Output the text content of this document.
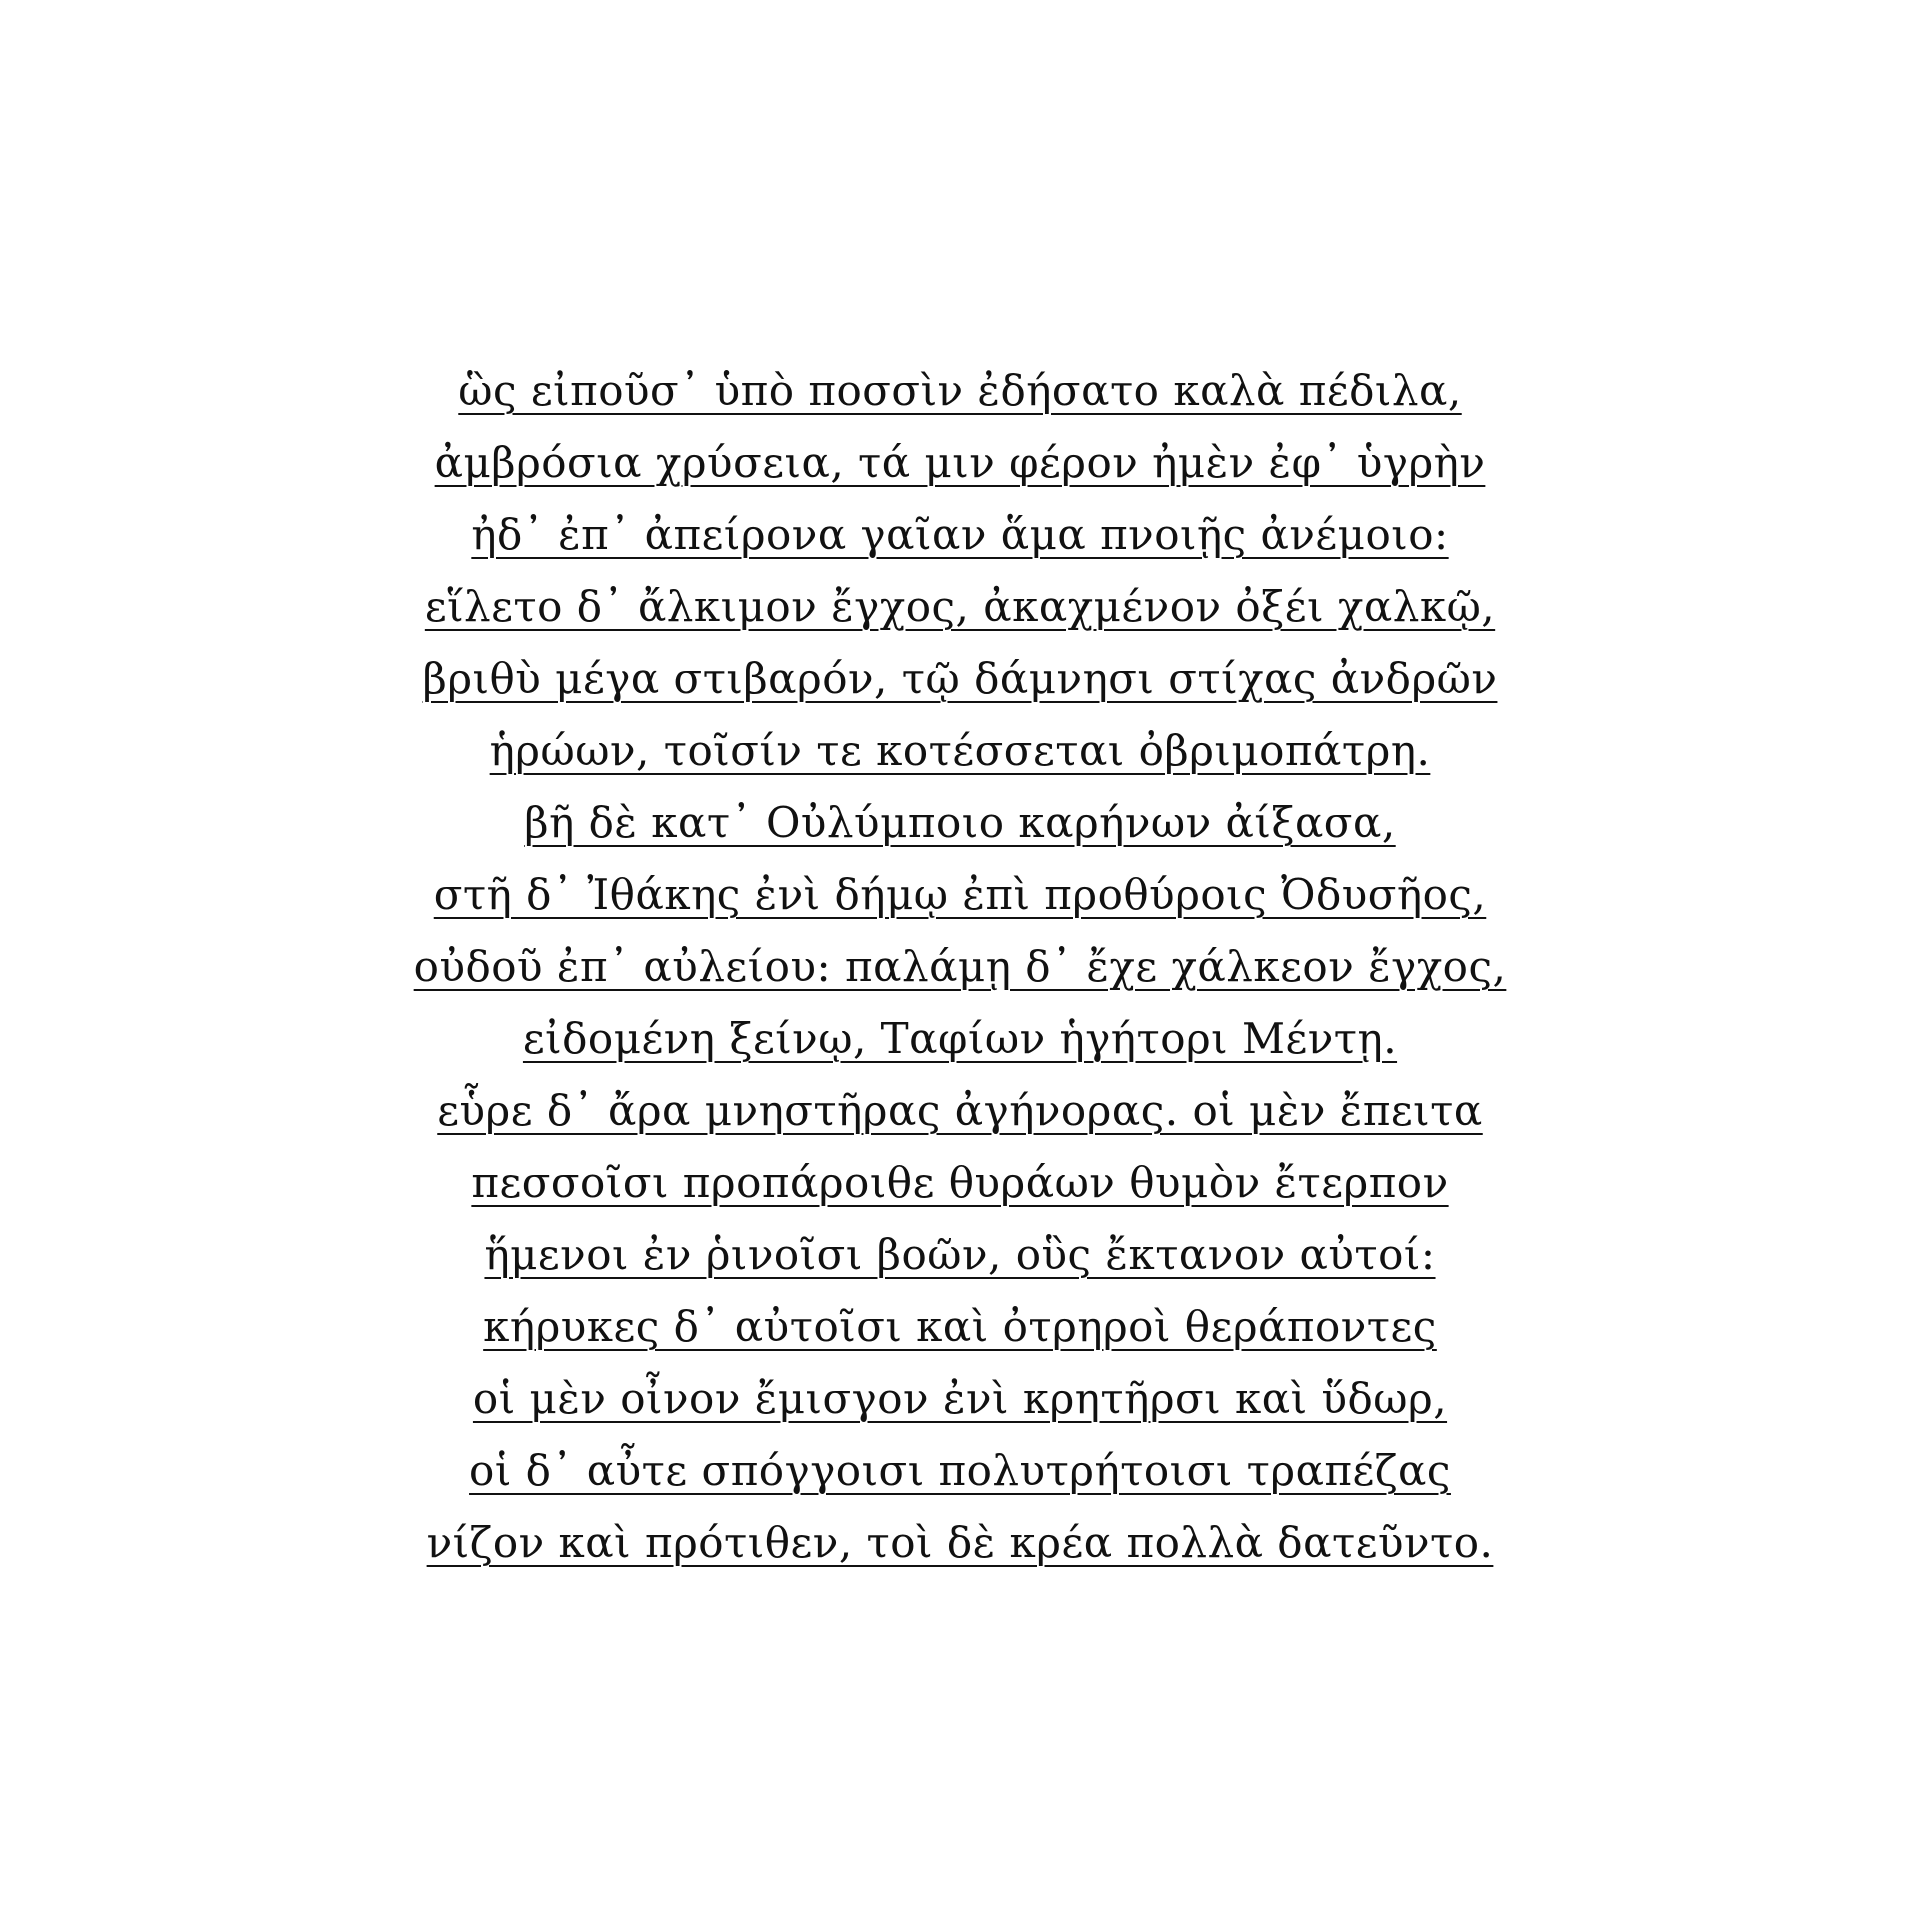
ὣς εἰποῦσ᾽ ὑπὸ ποσσὶν ἐδήσατο καλὰ πέδιλα,
ἀμβρόσια χρύσεια, τά μιν φέρον ἠμὲν ἐφ᾽ ὑγρὴν
ἠδ᾽ ἐπ᾽ ἀπείρονα γαῖαν ἅμα πνοιῇς ἀνέμοιο:
εἵλετο δ᾽ ἄλκιμον ἔγχος, ἀκαχμένον ὀξέι χαλκῷ,
βριθὺ μέγα στιβαρόν, τῷ δάμνησι στίχας ἀνδρῶν
ἡρώων, τοῖσίν τε κοτέσσεται ὀβριμοπάτρη.
βῆ δὲ κατ᾽ Οὐλύμποιο καρήνων ἀίξασα,
στῆ δ᾽ Ἰθάκης ἐνὶ δήμῳ ἐπὶ προθύροις Ὀδυσῆος,
οὐδοῦ ἐπ᾽ αὐλείου: παλάμῃ δ᾽ ἔχε χάλκεον ἔγχος,
εἰδομένη ξείνῳ, Ταφίων ἡγήτορι Μέντῃ.
εὗρε δ᾽ ἄρα μνηστῆρας ἀγήνορας. οἱ μὲν ἔπειτα
πεσσοῖσι προπάροιθε θυράων θυμὸν ἔτερπον
ἥμενοι ἐν ῥινοῖσι βοῶν, οὓς ἔκτανον αὐτοί:
κήρυκες δ᾽ αὐτοῖσι καὶ ὀτρηροὶ θεράποντες
οἱ μὲν οἶνον ἔμισγον ἐνὶ κρητῆρσι καὶ ὕδωρ,
οἱ δ᾽ αὖτε σπόγγοισι πολυτρήτοισι τραπέζας
νίζον καὶ πρότιθεν, τοὶ δὲ κρέα πολλὰ δατεῦντο.
